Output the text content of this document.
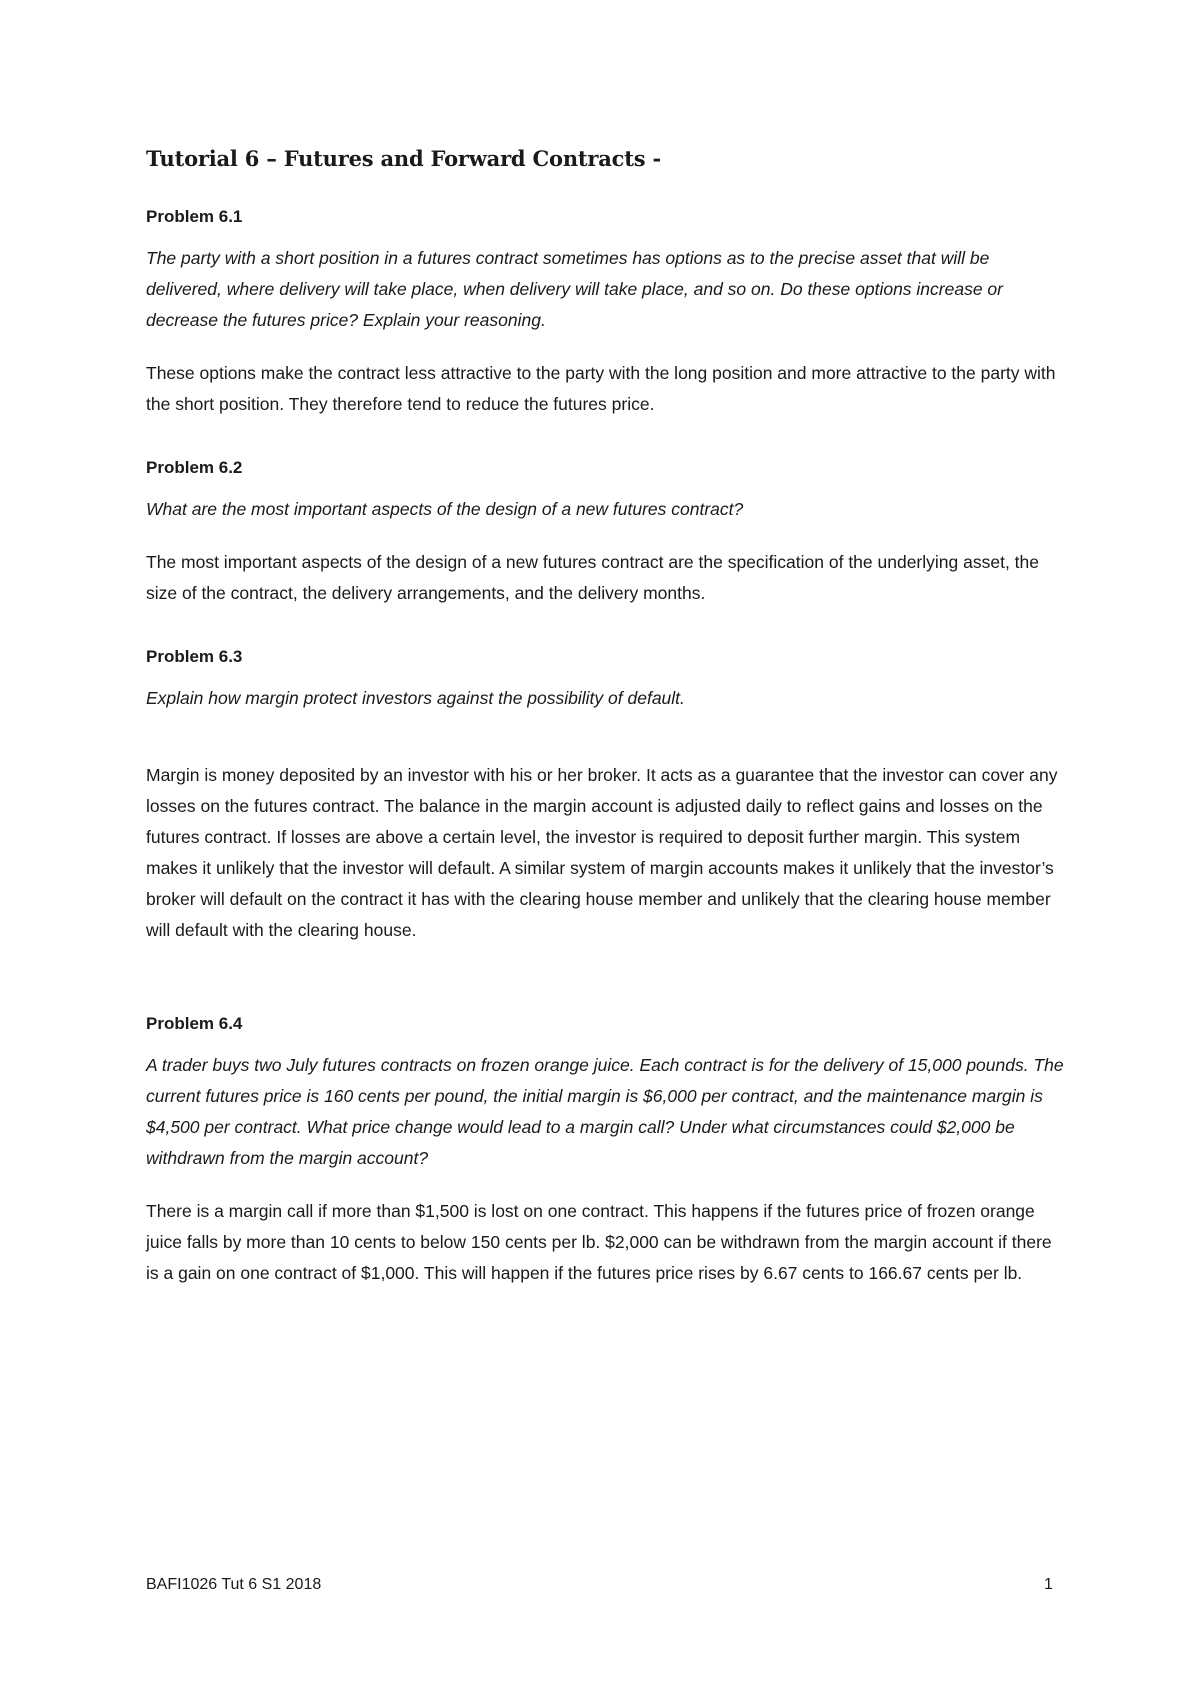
Tutorial 6 – Futures and Forward Contracts -
Problem 6.1

The party with a short position in a futures contract sometimes has options as to the precise asset that will be delivered, where delivery will take place, when delivery will take place, and so on. Do these options increase or decrease the futures price? Explain your reasoning.

These options make the contract less attractive to the party with the long position and more attractive to the party with the short position. They therefore tend to reduce the futures price.

Problem 6.2

What are the most important aspects of the design of a new futures contract?

The most important aspects of the design of a new futures contract are the specification of the underlying asset, the size of the contract, the delivery arrangements, and the delivery months.

Problem 6.3

Explain how margin protect investors against the possibility of default.

Margin is money deposited by an investor with his or her broker. It acts as a guarantee that the investor can cover any losses on the futures contract. The balance in the margin account is adjusted daily to reflect gains and losses on the futures contract. If losses are above a certain level, the investor is required to deposit further margin. This system makes it unlikely that the investor will default. A similar system of margin accounts makes it unlikely that the investor’s broker will default on the contract it has with the clearing house member and unlikely that the clearing house member will default with the clearing house.

Problem 6.4

A trader buys two July futures contracts on frozen orange juice. Each contract is for the delivery of 15,000 pounds. The current futures price is 160 cents per pound, the initial margin is $6,000 per contract, and the maintenance margin is $4,500 per contract. What price change would lead to a margin call? Under what circumstances could $2,000 be withdrawn from the margin account?

There is a margin call if more than $1,500 is lost on one contract. This happens if the futures price of frozen orange juice falls by more than 10 cents to below 150 cents per lb. $2,000 can be withdrawn from the margin account if there is a gain on one contract of $1,000. This will happen if the futures price rises by 6.67 cents to 166.67 cents per lb.

BAFI1026 Tut 6 S1 2018	1
